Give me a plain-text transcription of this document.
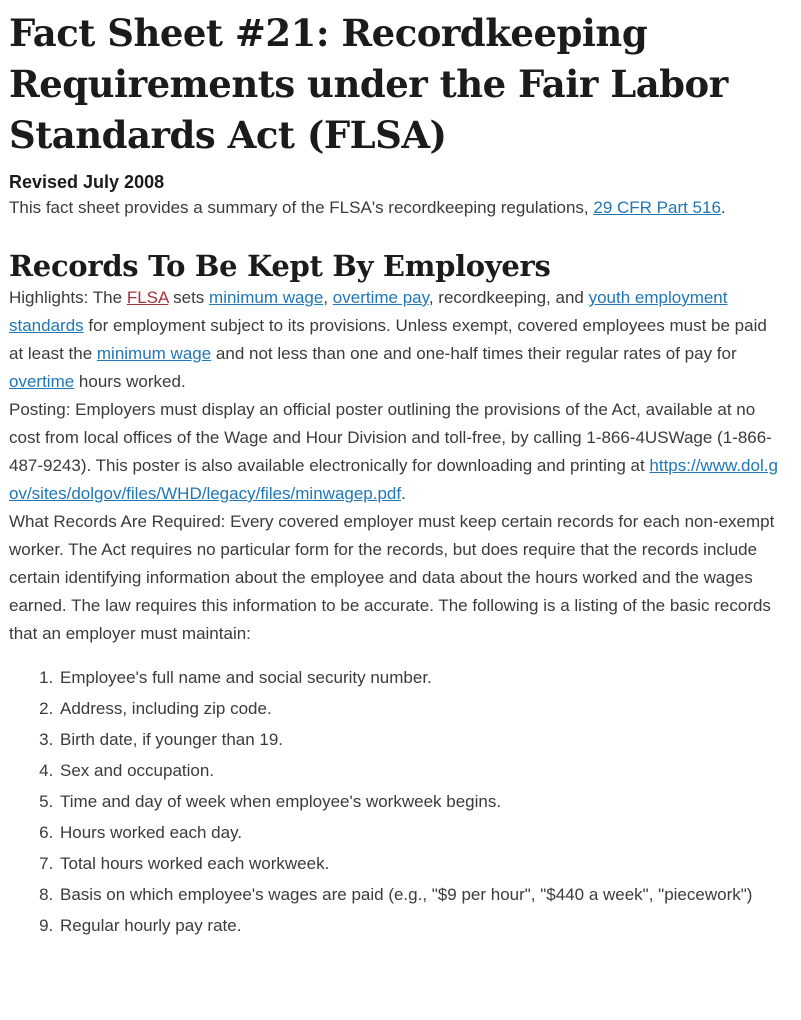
Fact Sheet #21: Recordkeeping Requirements under the Fair Labor Standards Act (FLSA)

Revised July 2008

This fact sheet provides a summary of the FLSA's recordkeeping regulations, 29 CFR Part 516.

Records To Be Kept By Employers

Highlights: The FLSA sets minimum wage, overtime pay, recordkeeping, and youth employment standards for employment subject to its provisions. Unless exempt, covered employees must be paid at least the minimum wage and not less than one and one-half times their regular rates of pay for overtime hours worked.

Posting: Employers must display an official poster outlining the provisions of the Act, available at no cost from local offices of the Wage and Hour Division and toll-free, by calling 1-866-4USWage (1-866-487-9243). This poster is also available electronically for downloading and printing at https://www.dol.gov/sites/dolgov/files/WHD/legacy/files/minwagep.pdf.

What Records Are Required: Every covered employer must keep certain records for each non-exempt worker. The Act requires no particular form for the records, but does require that the records include certain identifying information about the employee and data about the hours worked and the wages earned. The law requires this information to be accurate. The following is a listing of the basic records that an employer must maintain:

1. Employee's full name and social security number.
2. Address, including zip code.
3. Birth date, if younger than 19.
4. Sex and occupation.
5. Time and day of week when employee's workweek begins.
6. Hours worked each day.
7. Total hours worked each workweek.
8. Basis on which employee's wages are paid (e.g., "$9 per hour", "$440 a week", "piecework")
9. Regular hourly pay rate.
